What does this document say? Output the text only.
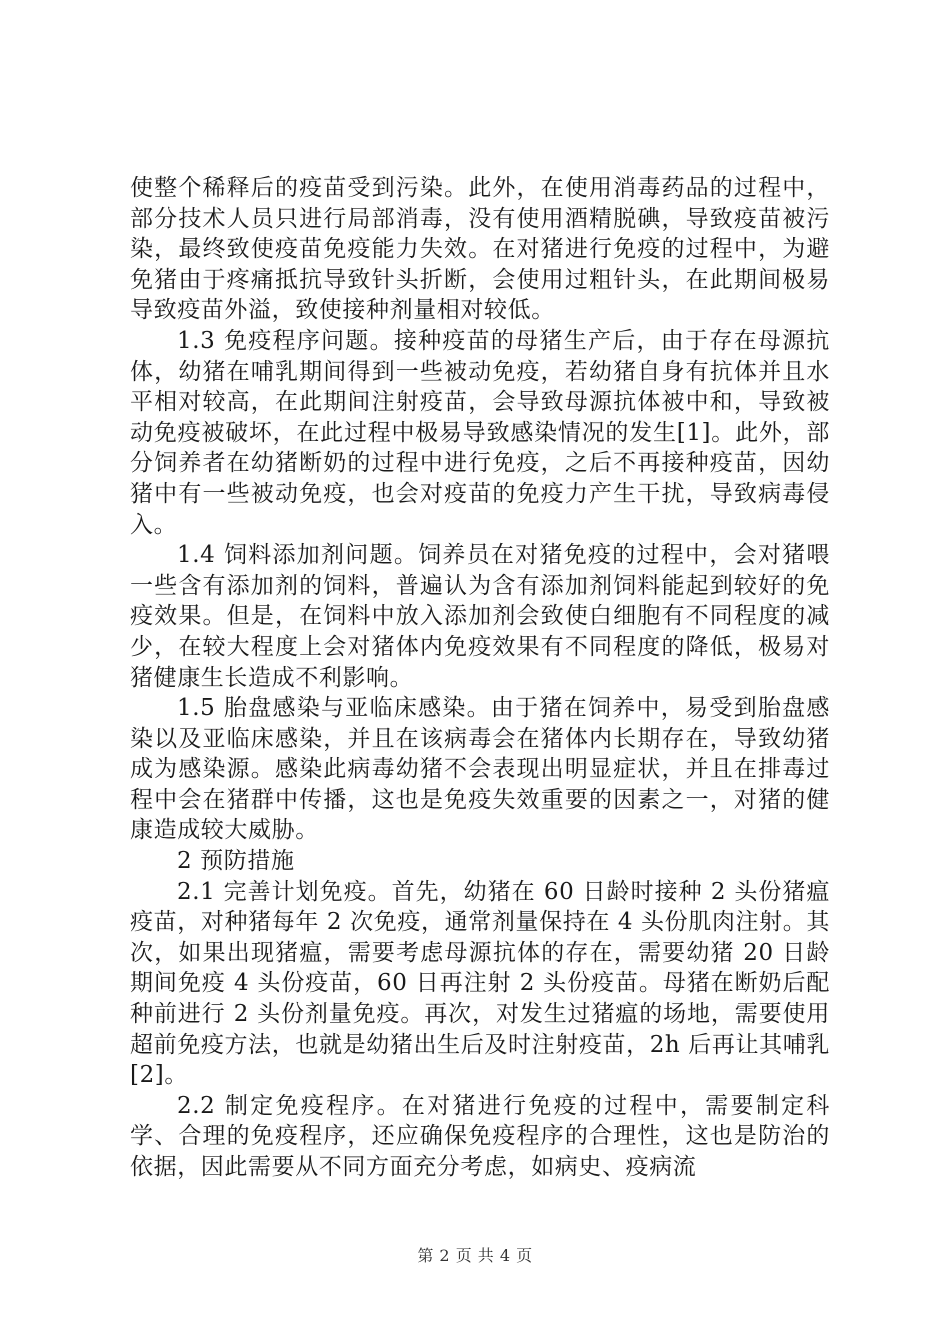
使整个稀释后的疫苗受到污染。此外，在使用消毒药品的过程中，部分技术人员只进行局部消毒，没有使用酒精脱碘，导致疫苗被污染，最终致使疫苗免疫能力失效。在对猪进行免疫的过程中，为避免猪由于疼痛抵抗导致针头折断，会使用过粗针头，在此期间极易导致疫苗外溢，致使接种剂量相对较低。

1.3 免疫程序问题。接种疫苗的母猪生产后，由于存在母源抗体，幼猪在哺乳期间得到一些被动免疫，若幼猪自身有抗体并且水平相对较高，在此期间注射疫苗，会导致母源抗体被中和，导致被动免疫被破坏，在此过程中极易导致感染情况的发生[1]。此外，部分饲养者在幼猪断奶的过程中进行免疫，之后不再接种疫苗，因幼猪中有一些被动免疫，也会对疫苗的免疫力产生干扰，导致病毒侵入。

1.4 饲料添加剂问题。饲养员在对猪免疫的过程中，会对猪喂一些含有添加剂的饲料，普遍认为含有添加剂饲料能起到较好的免疫效果。但是，在饲料中放入添加剂会致使白细胞有不同程度的减少，在较大程度上会对猪体内免疫效果有不同程度的降低，极易对猪健康生长造成不利影响。

1.5 胎盘感染与亚临床感染。由于猪在饲养中，易受到胎盘感染以及亚临床感染，并且在该病毒会在猪体内长期存在，导致幼猪成为感染源。感染此病毒幼猪不会表现出明显症状，并且在排毒过程中会在猪群中传播，这也是免疫失效重要的因素之一，对猪的健康造成较大威胁。

2 预防措施

2.1 完善计划免疫。首先，幼猪在 60 日龄时接种 2 头份猪瘟疫苗，对种猪每年 2 次免疫，通常剂量保持在 4 头份肌肉注射。其次，如果出现猪瘟，需要考虑母源抗体的存在，需要幼猪 20 日龄期间免疫 4 头份疫苗，60 日再注射 2 头份疫苗。母猪在断奶后配种前进行 2 头份剂量免疫。再次，对发生过猪瘟的场地，需要使用超前免疫方法，也就是幼猪出生后及时注射疫苗，2h 后再让其哺乳[2]。

2.2 制定免疫程序。在对猪进行免疫的过程中，需要制定科学、合理的免疫程序，还应确保免疫程序的合理性，这也是防治的依据，因此需要从不同方面充分考虑，如病史、疫病流

第 2 页 共 4 页
